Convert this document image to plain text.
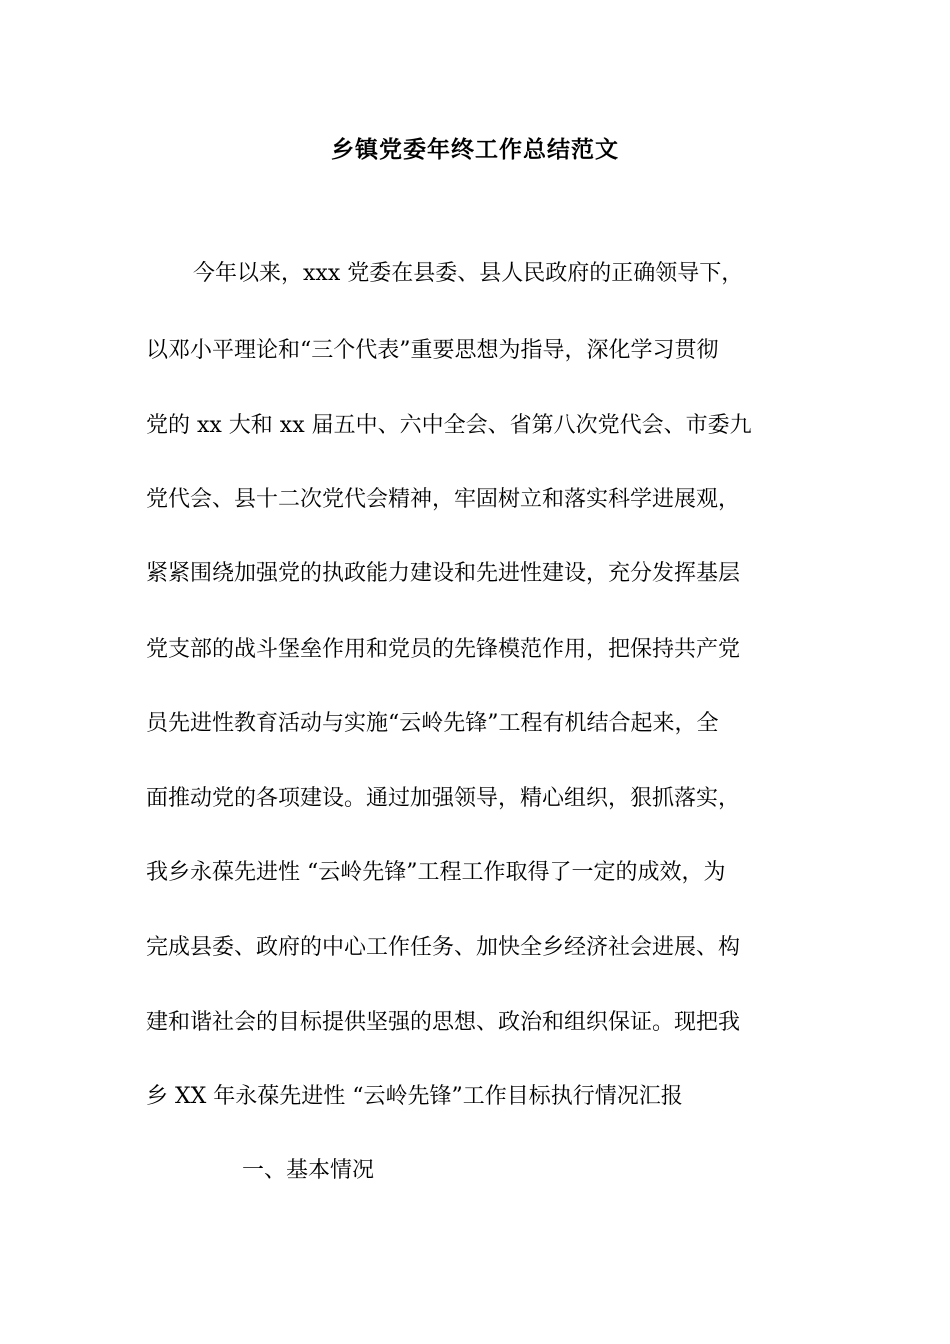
乡镇党委年终工作总结范文

今年以来，xxx 党委在县委、县人民政府的正确领导下，

以邓小平理论和“三个代表”重要思想为指导，深化学习贯彻

党的 xx 大和 xx 届五中、六中全会、省第八次党代会、市委九

党代会、县十二次党代会精神，牢固树立和落实科学进展观，

紧紧围绕加强党的执政能力建设和先进性建设，充分发挥基层

党支部的战斗堡垒作用和党员的先锋模范作用，把保持共产党

员先进性教育活动与实施“云岭先锋”工程有机结合起来，全

面推动党的各项建设。通过加强领导，精心组织，狠抓落实，

我乡永葆先进性 “云岭先锋”工程工作取得了一定的成效，为

完成县委、政府的中心工作任务、加快全乡经济社会进展、构

建和谐社会的目标提供坚强的思想、政治和组织保证。现把我

乡 XX 年永葆先进性 “云岭先锋”工作目标执行情况汇报

一、基本情况
